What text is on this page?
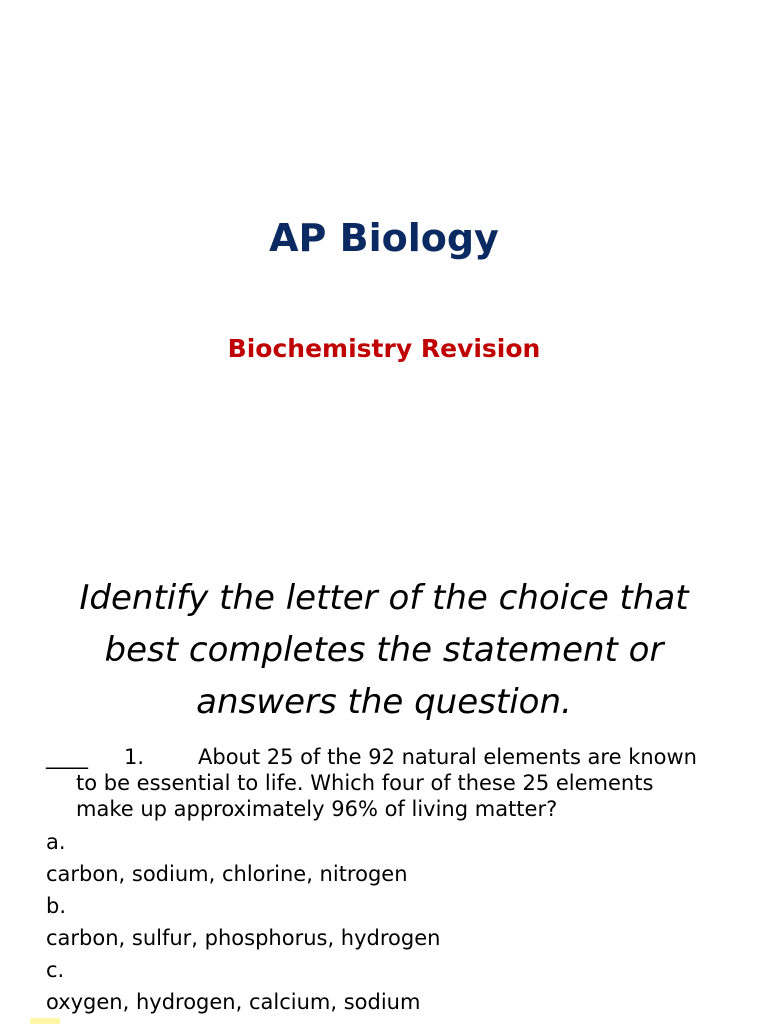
AP Biology
Biochemistry Revision

Identify the letter of the choice that best completes the statement or answers the question.

____	1.	About 25 of the 92 natural elements are known
to be essential to life. Which four of these 25 elements
make up approximately 96% of living matter?
a.
carbon, sodium, chlorine, nitrogen
b.
carbon, sulfur, phosphorus, hydrogen
c.
oxygen, hydrogen, calcium, sodium
